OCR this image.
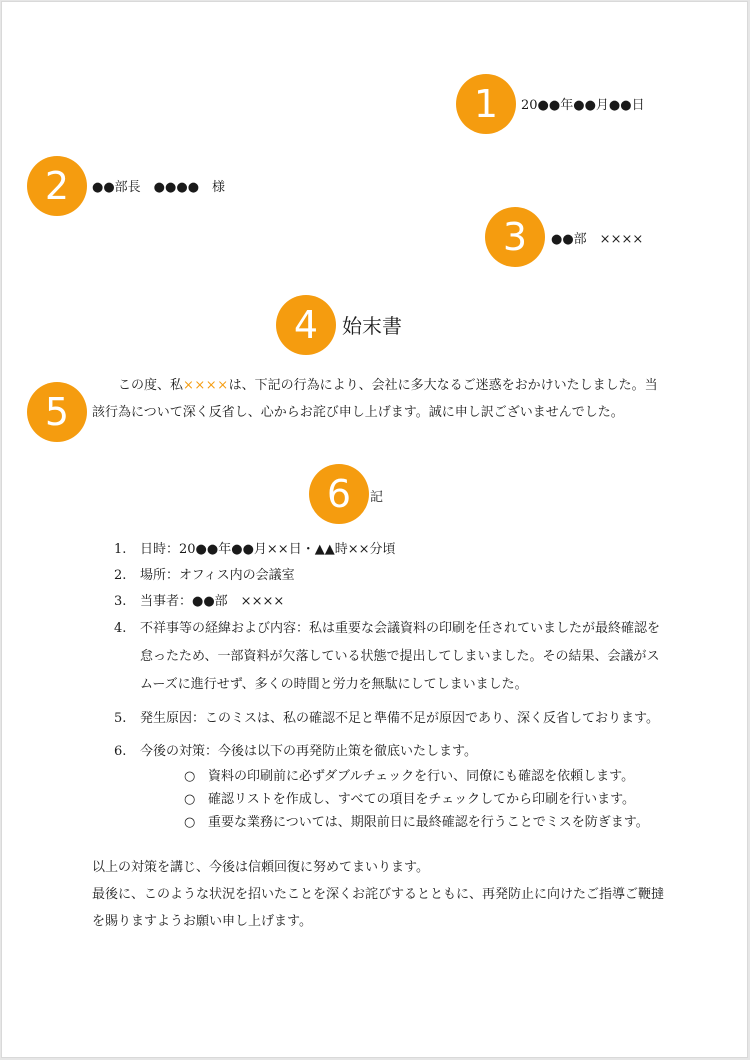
1	20●●年●●月●●日
2	●●部長　●●●●　様
3	●●部　××××
4	始末書
5
この度、私××××は、下記の行為により、会社に多大なるご迷惑をおかけいたしました。当該行為について深く反省し、心からお詫び申し上げます。誠に申し訳ございませんでした。
6	記
1. 日時：20●●年●●月××日・▲▲時××分頃
2. 場所：オフィス内の会議室
3. 当事者：●●部　××××
4. 不祥事等の経緯および内容：私は重要な会議資料の印刷を任されていましたが最終確認を怠ったため、一部資料が欠落している状態で提出してしまいました。その結果、会議がスムーズに進行せず、多くの時間と労力を無駄にしてしまいました。
5. 発生原因：このミスは、私の確認不足と準備不足が原因であり、深く反省しております。
6. 今後の対策：今後は以下の再発防止策を徹底いたします。
○ 資料の印刷前に必ずダブルチェックを行い、同僚にも確認を依頼します。
○ 確認リストを作成し、すべての項目をチェックしてから印刷を行います。
○ 重要な業務については、期限前日に最終確認を行うことでミスを防ぎます。
以上の対策を講じ、今後は信頼回復に努めてまいります。
最後に、このような状況を招いたことを深くお詫びするとともに、再発防止に向けたご指導ご鞭撻を賜りますようお願い申し上げます。
